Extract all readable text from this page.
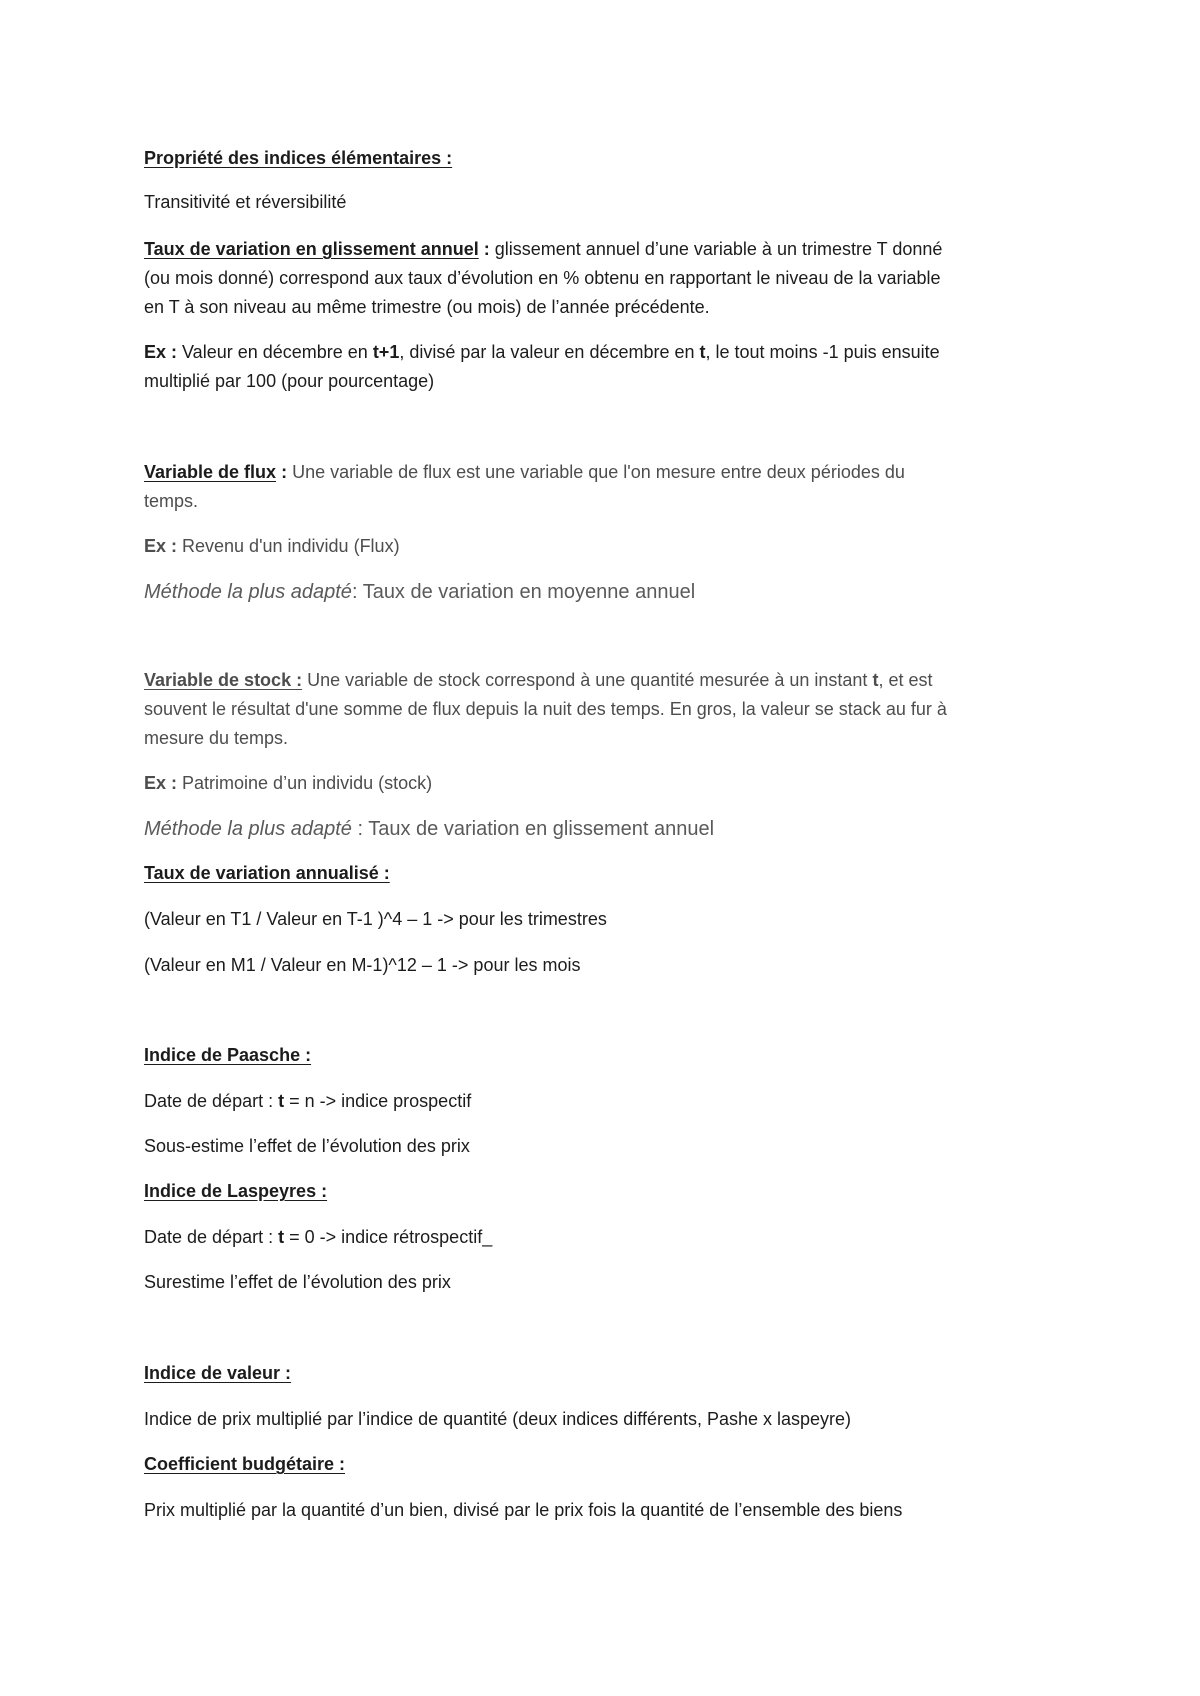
Propriété des indices élémentaires :
Transitivité et réversibilité
Taux de variation en glissement annuel : glissement annuel d’une variable à un trimestre T donné
(ou mois donné) correspond aux taux d’évolution en % obtenu en rapportant le niveau de la variable
en T à son niveau au même trimestre (ou mois) de l’année précédente.
Ex : Valeur en décembre en t+1, divisé par la valeur en décembre en t, le tout moins -1 puis ensuite
multiplié par 100 (pour pourcentage)
Variable de flux : Une variable de flux est une variable que l'on mesure entre deux périodes du
temps.
Ex : Revenu d'un individu (Flux)
Méthode la plus adapté: Taux de variation en moyenne annuel
Variable de stock : Une variable de stock correspond à une quantité mesurée à un instant t, et est
souvent le résultat d'une somme de flux depuis la nuit des temps. En gros, la valeur se stack au fur à
mesure du temps.
Ex : Patrimoine d’un individu (stock)
Méthode la plus adapté : Taux de variation en glissement annuel
Taux de variation annualisé :
(Valeur en T1 / Valeur en T-1 )^4 – 1 -> pour les trimestres
(Valeur en M1 / Valeur en M-1)^12 – 1 -> pour les mois
Indice de Paasche :
Date de départ : t = n -> indice prospectif
Sous-estime l’effet de l’évolution des prix
Indice de Laspeyres :
Date de départ : t = 0 -> indice rétrospectif_
Surestime l’effet de l’évolution des prix
Indice de valeur :
Indice de prix multiplié par l’indice de quantité (deux indices différents, Pashe x laspeyre)
Coefficient budgétaire :
Prix multiplié par la quantité d’un bien, divisé par le prix fois la quantité de l’ensemble des biens
